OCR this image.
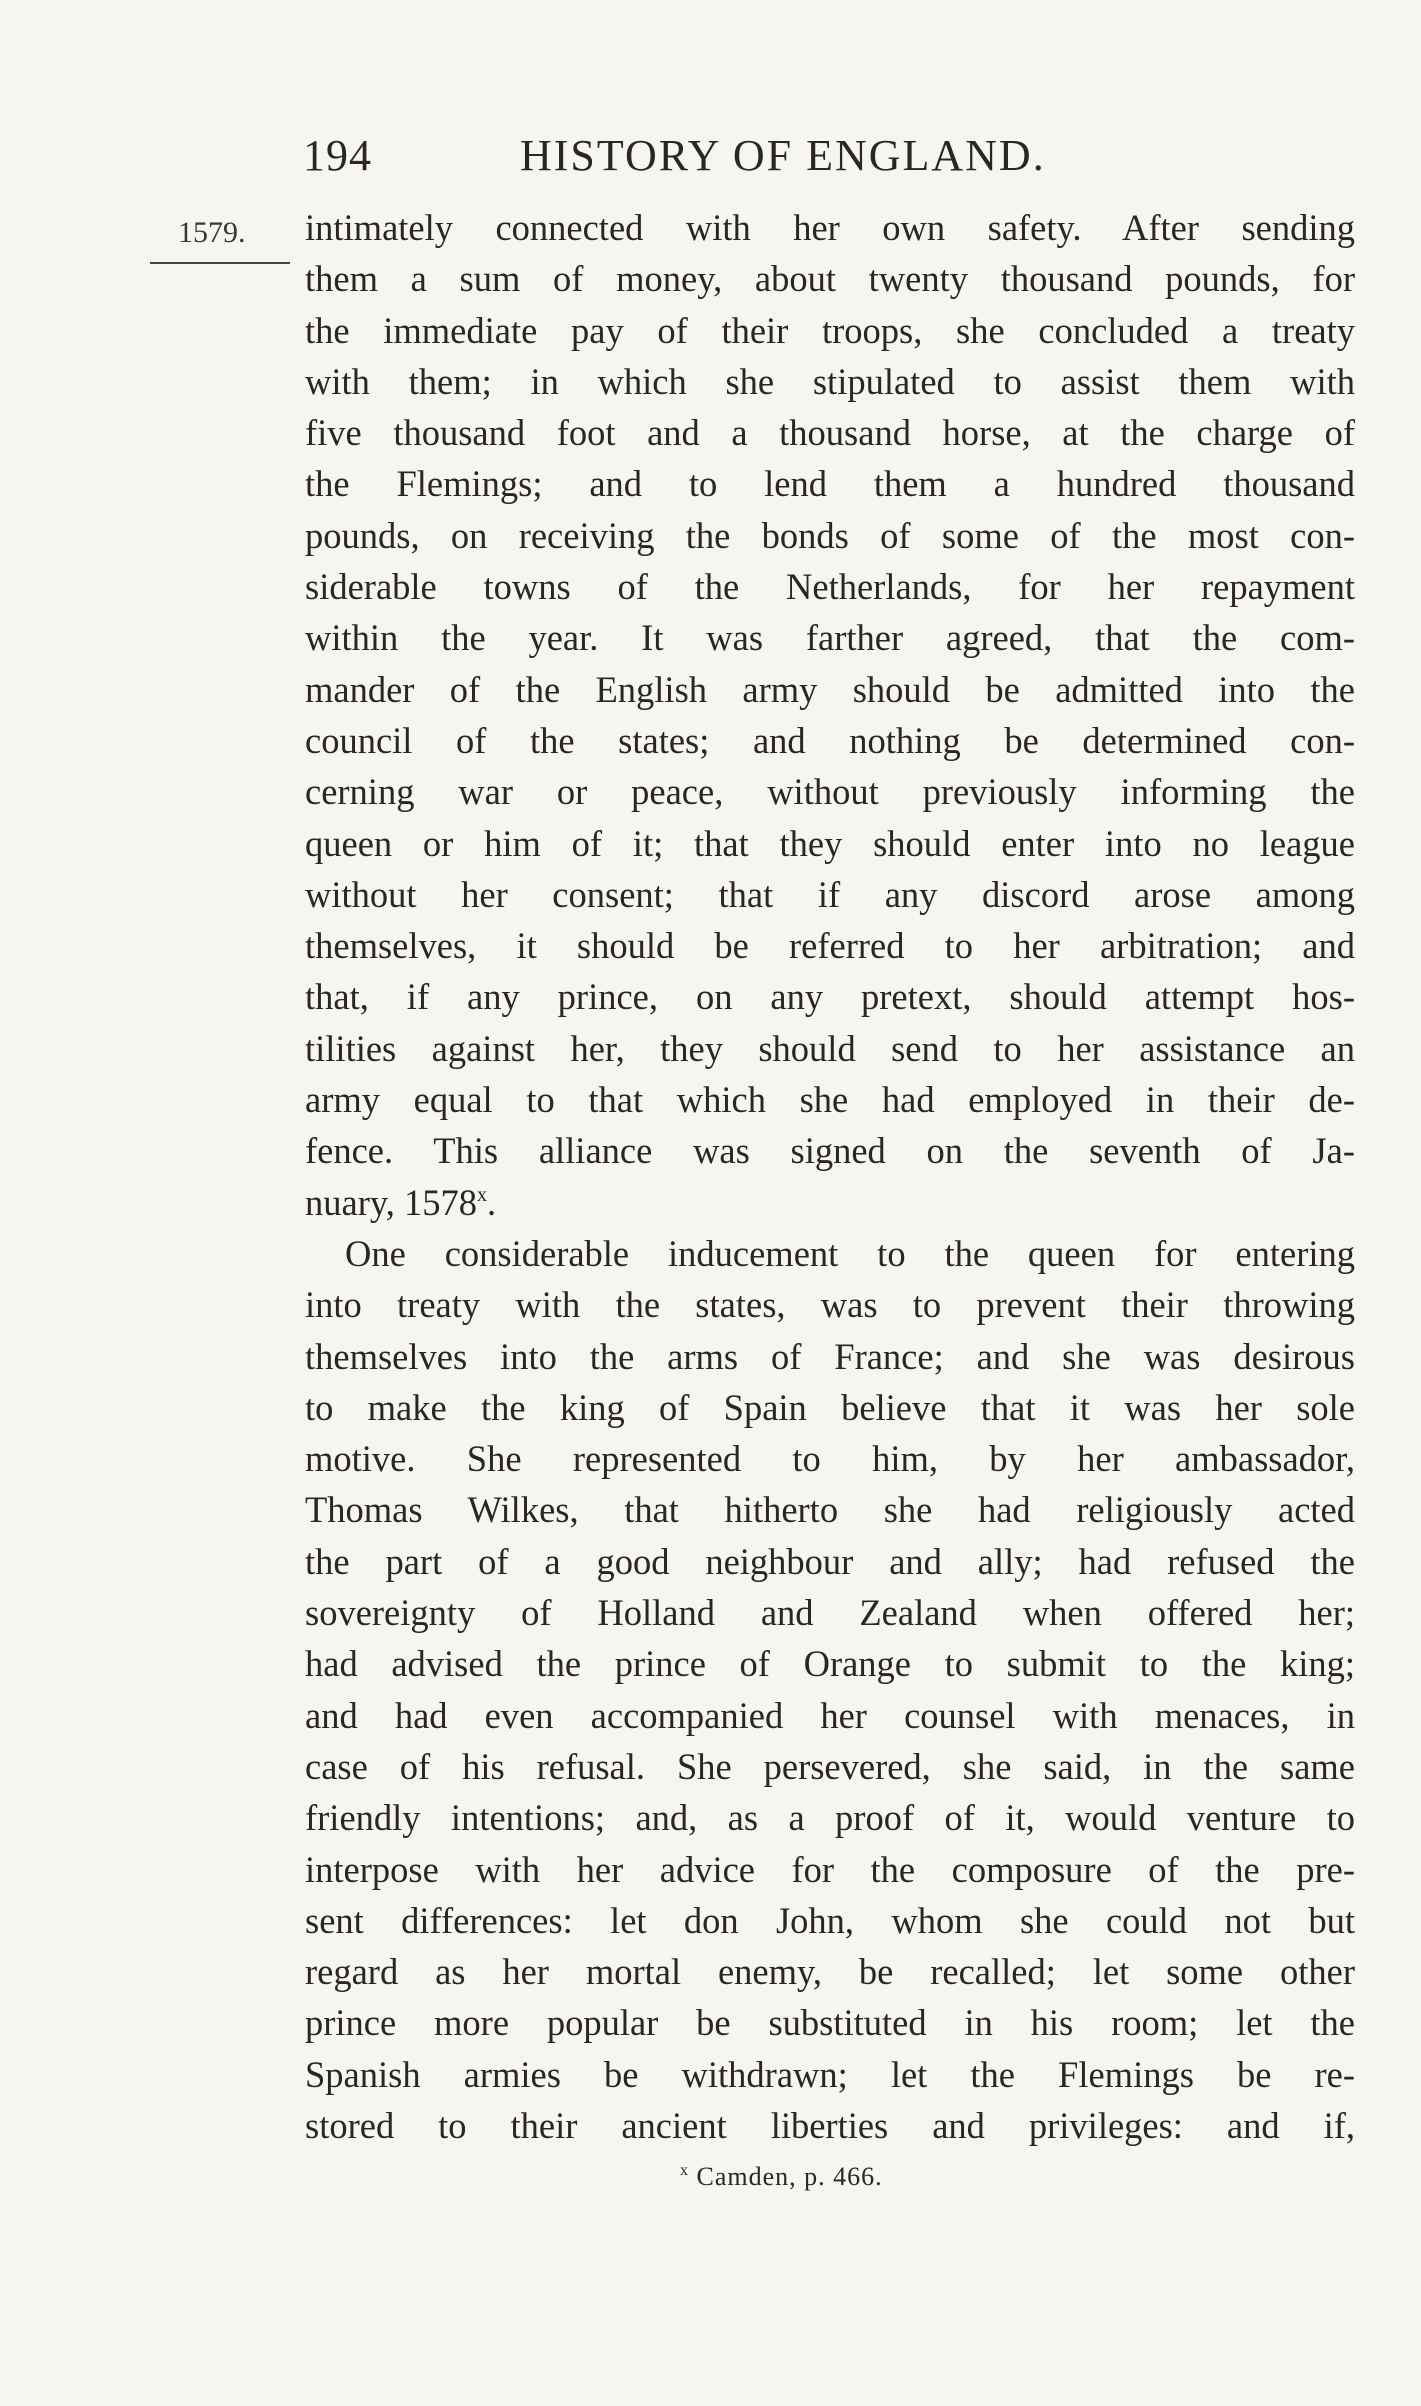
194	HISTORY OF ENGLAND.
1579. intimately connected with her own safety. After sending
them a sum of money, about twenty thousand pounds, for
the immediate pay of their troops, she concluded a treaty
with them; in which she stipulated to assist them with
five thousand foot and a thousand horse, at the charge of
the Flemings; and to lend them a hundred thousand
pounds, on receiving the bonds of some of the most con-
siderable towns of the Netherlands, for her repayment
within the year. It was farther agreed, that the com-
mander of the English army should be admitted into the
council of the states; and nothing be determined con-
cerning war or peace, without previously informing the
queen or him of it; that they should enter into no league
without her consent; that if any discord arose among
themselves, it should be referred to her arbitration; and
that, if any prince, on any pretext, should attempt hos-
tilities against her, they should send to her assistance an
army equal to that which she had employed in their de-
fence. This alliance was signed on the seventh of Ja-
nuary, 1578$^x$.
One considerable inducement to the queen for entering
into treaty with the states, was to prevent their throwing
themselves into the arms of France; and she was desirous
to make the king of Spain believe that it was her sole
motive. She represented to him, by her ambassador,
Thomas Wilkes, that hitherto she had religiously acted
the part of a good neighbour and ally; had refused the
sovereignty of Holland and Zealand when offered her;
had advised the prince of Orange to submit to the king;
and had even accompanied her counsel with menaces, in
case of his refusal. She persevered, she said, in the same
friendly intentions; and, as a proof of it, would venture to
interpose with her advice for the composure of the pre-
sent differences: let don John, whom she could not but
regard as her mortal enemy, be recalled; let some other
prince more popular be substituted in his room; let the
Spanish armies be withdrawn; let the Flemings be re-
stored to their ancient liberties and privileges: and if,
$^x$ Camden, p. 466.
